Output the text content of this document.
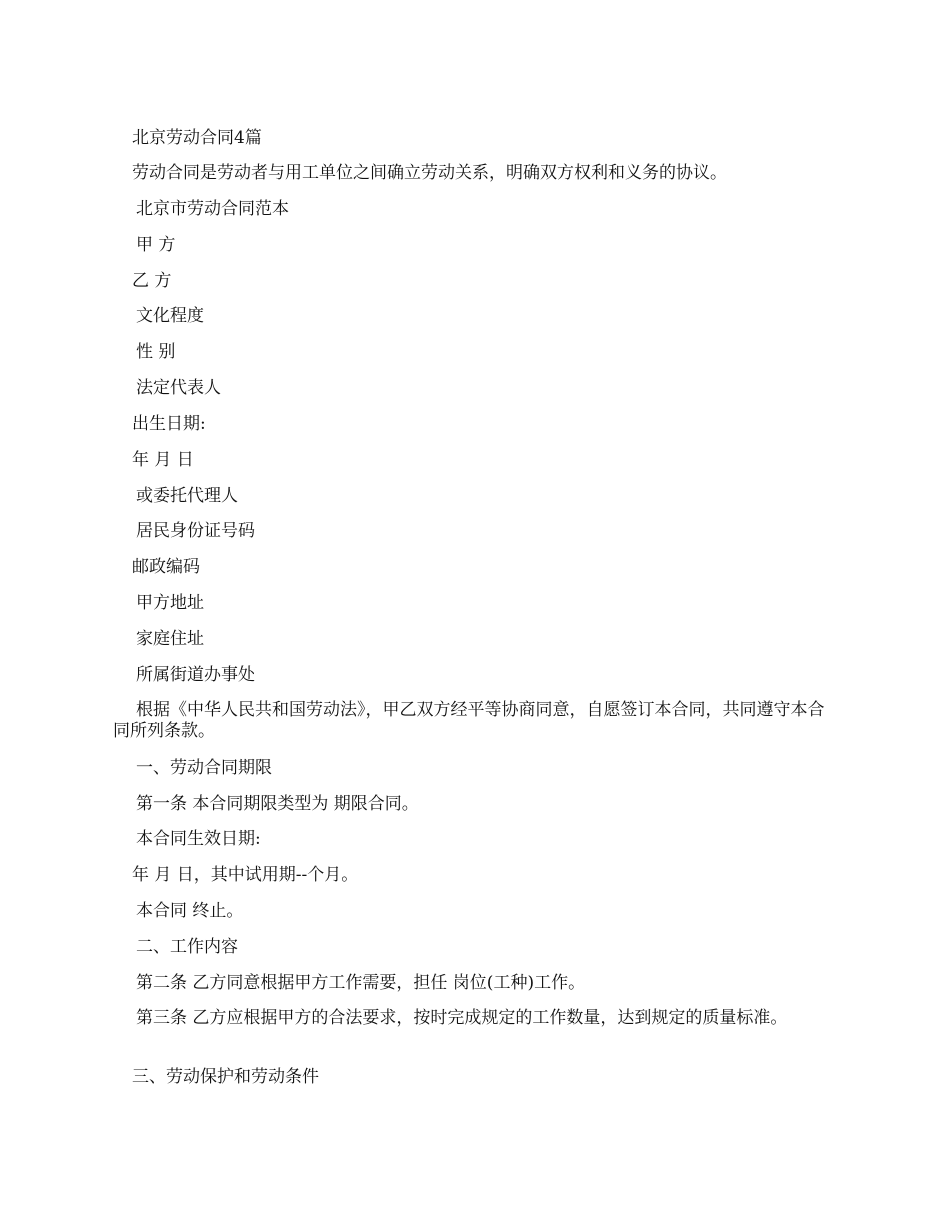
北京劳动合同4篇
劳动合同是劳动者与用工单位之间确立劳动关系，明确双方权利和义务的协议。
北京市劳动合同范本
甲 方
乙 方
文化程度
性 别
法定代表人
出生日期:
年 月 日
或委托代理人
居民身份证号码
邮政编码
甲方地址
家庭住址
所属街道办事处
根据《中华人民共和国劳动法》，甲乙双方经平等协商同意，自愿签订本合同，共同遵守本合同所列条款。
一、劳动合同期限
第一条 本合同期限类型为 期限合同。
本合同生效日期:
年 月 日，其中试用期--个月。
本合同 终止。
二、工作内容
第二条 乙方同意根据甲方工作需要，担任 岗位(工种)工作。
第三条 乙方应根据甲方的合法要求，按时完成规定的工作数量，达到规定的质量标准。
三、劳动保护和劳动条件
